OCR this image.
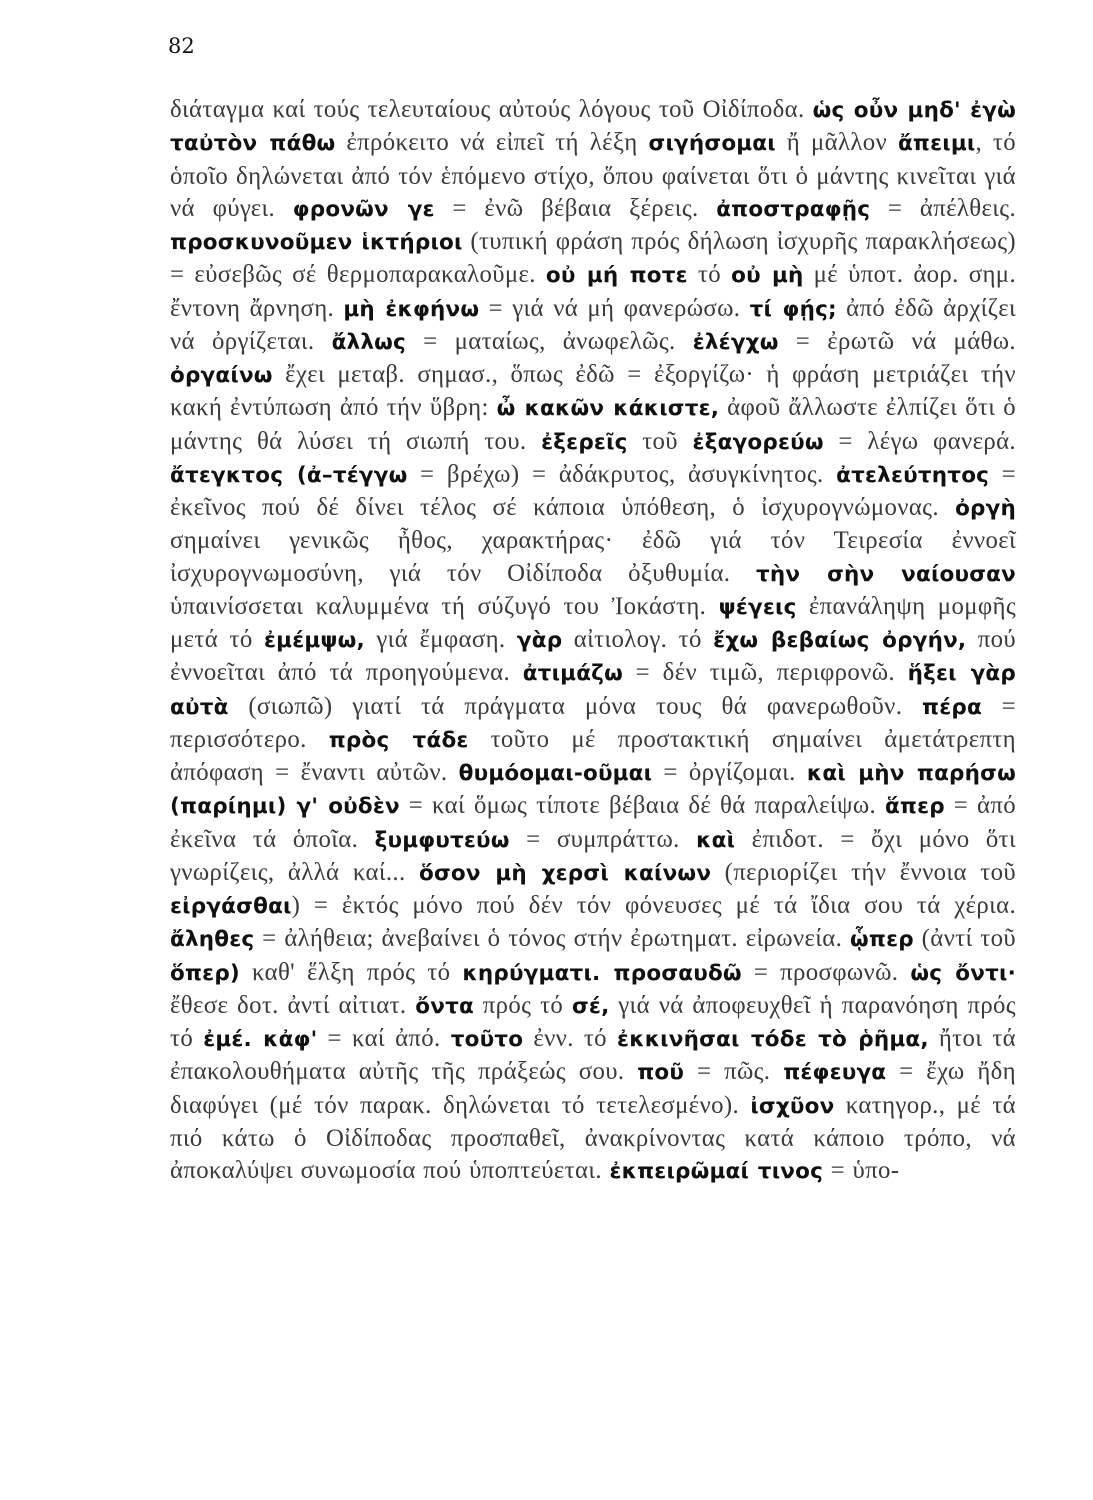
82
διάταγμα καί τούς τελευταίους αὐτούς λόγους τοῦ Οἰδίποδα. ὡς οὖν μηδ' ἐγὼ ταὐτὸν πάθω ἐπρόκειτο νά εἰπεῖ τή λέξη σιγήσομαι ἤ μᾶλλον ἄπειμι, τό ὁποῖο δηλώνεται ἀπό τόν ἑπόμενο στίχο, ὅπου φαίνεται ὅτι ὁ μάντης κινεῖται γιά νά φύγει. φρονῶν γε = ἐνῶ βέβαια ξέρεις. ἀποστραφῇς = ἀπέλθεις. προσκυνοῦμεν ἱκτήριοι (τυπική φράση πρός δήλωση ἰσχυρῆς παρακλήσεως) = εὐσεβῶς σέ θερμοπαρακαλοῦμε. οὐ μή ποτε τό οὐ μὴ μέ ὑποτ. ἀορ. σημ. ἔντονη ἄρνηση. μὴ ἐκφήνω = γιά νά μή φανερώσω. τί φῄς; ἀπό ἐδῶ ἀρχίζει νά ὀργίζεται. ἄλλως = ματαίως, ἀνωφελῶς. ἐλέγχω = ἐρωτῶ νά μάθω. ὀργαίνω ἔχει μεταβ. σημασ., ὅπως ἐδῶ = ἐξοργίζω· ἡ φράση μετριάζει τήν κακή ἐντύπωση ἀπό τήν ὕβρη: ὦ κακῶν κάκιστε, ἀφοῦ ἄλλωστε ἐλπίζει ὅτι ὁ μάντης θά λύσει τή σιωπή του. ἐξερεῖς τοῦ ἐξαγορεύω = λέγω φανερά. ἄτεγκτος (ἀ–τέγγω = βρέχω) = ἀδάκρυτος, ἀσυγκίνητος. ἀτελεύτητος = ἐκεῖνος πού δέ δίνει τέλος σέ κάποια ὑπόθεση, ὁ ἰσχυρογνώμονας. ὀργὴ σημαίνει γενικῶς ἦθος, χαρακτήρας· ἐδῶ γιά τόν Τειρεσία ἐννοεῖ ἰσχυρογνωμοσύνη, γιά τόν Οἰδίποδα ὀξυθυμία. τὴν σὴν ναίουσαν ὑπαινίσσεται καλυμμένα τή σύζυγό του Ἰοκάστη. ψέγεις ἐπανάληψη μομφῆς μετά τό ἐμέμψω, γιά ἔμφαση. γὰρ αἰτιολογ. τό ἔχω βεβαίως ὀργήν, πού ἐννοεῖται ἀπό τά προηγούμενα. ἀτιμάζω = δέν τιμῶ, περιφρονῶ. ἥξει γὰρ αὐτὰ (σιωπῶ) γιατί τά πράγματα μόνα τους θά φανερωθοῦν. πέρα = περισσότερο. πρὸς τάδε τοῦτο μέ προστακτική σημαίνει ἀμετάτρεπτη ἀπόφαση = ἔναντι αὐτῶν. θυμόομαι-οῦμαι = ὀργίζομαι. καὶ μὴν παρήσω (παρίημι) γ' οὐδὲν = καί ὅμως τίποτε βέβαια δέ θά παραλείψω. ἅπερ = ἀπό ἐκεῖνα τά ὁποῖα. ξυμφυτεύω = συμπράττω. καὶ ἐπιδοτ. = ὄχι μόνο ὅτι γνωρίζεις, ἀλλά καί... ὅσον μὴ χερσὶ καίνων (περιορίζει τήν ἔννοια τοῦ εἰργάσθαι) = ἐκτός μόνο πού δέν τόν φόνευσες μέ τά ἴδια σου τά χέρια. ἄληθες = ἀλήθεια; ἀνεβαίνει ὁ τόνος στήν ἐρωτηματ. εἰρωνεία. ᾧπερ (ἀντί τοῦ ὅπερ) καθ' ἕλξη πρός τό κηρύγματι. προσαυδῶ = προσφωνῶ. ὡς ὄντι· ἔθεσε δοτ. ἀντί αἰτιατ. ὄντα πρός τό σέ, γιά νά ἀποφευχθεῖ ἡ παρανόηση πρός τό ἐμέ. κἀφ' = καί ἀπό. τοῦτο ἐνν. τό ἐκκινῆσαι τόδε τὸ ῥῆμα, ἤτοι τά ἐπακολουθήματα αὐτῆς τῆς πράξεώς σου. ποῦ = πῶς. πέφευγα = ἔχω ἤδη διαφύγει (μέ τόν παρακ. δηλώνεται τό τετελεσμένο). ἰσχῦον κατηγορ., μέ τά πιό κάτω ὁ Οἰδίποδας προσπαθεῖ, ἀνακρίνοντας κατά κάποιο τρόπο, νά ἀποκαλύψει συνωμοσία πού ὑποπτεύεται. ἐκπειρῶμαί τινος = ὑπο-
